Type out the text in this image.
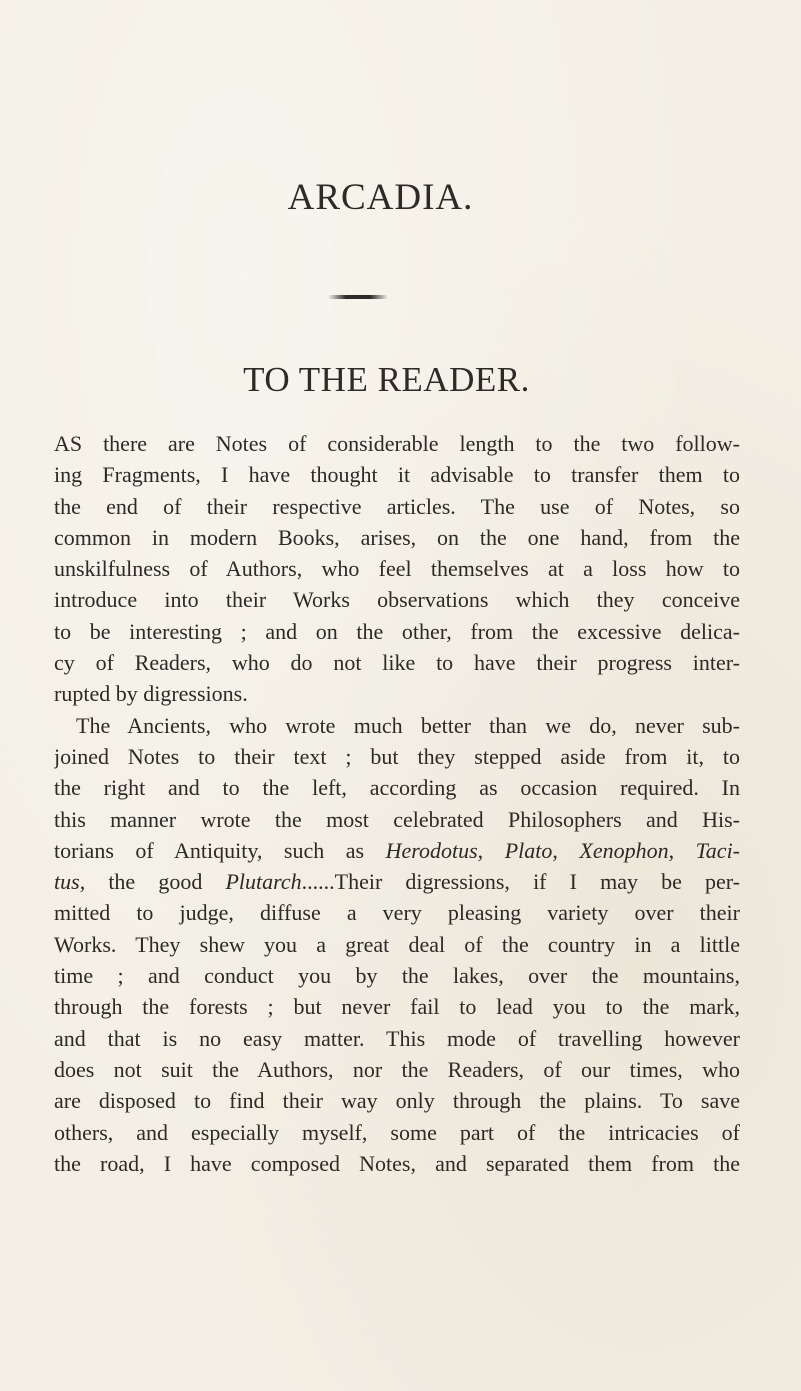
ARCADIA.
TO THE READER.

AS there are Notes of considerable length to the two follow-
ing Fragments, I have thought it advisable to transfer them to
the end of their respective articles. The use of Notes, so
common in modern Books, arises, on the one hand, from the
unskilfulness of Authors, who feel themselves at a loss how to
introduce into their Works observations which they conceive
to be interesting ; and on the other, from the excessive delica-
cy of Readers, who do not like to have their progress inter-
rupted by digressions.

The Ancients, who wrote much better than we do, never sub-
joined Notes to their text ; but they stepped aside from it, to
the right and to the left, according as occasion required. In
this manner wrote the most celebrated Philosophers and His-
torians of Antiquity, such as Herodotus, Plato, Xenophon, Taci-
tus, the good Plutarch......Their digressions, if I may be per-
mitted to judge, diffuse a very pleasing variety over their
Works. They shew you a great deal of the country in a little
time ; and conduct you by the lakes, over the mountains,
through the forests ; but never fail to lead you to the mark,
and that is no easy matter. This mode of travelling however
does not suit the Authors, nor the Readers, of our times, who
are disposed to find their way only through the plains. To save
others, and especially myself, some part of the intricacies of
the road, I have composed Notes, and separated them from the
